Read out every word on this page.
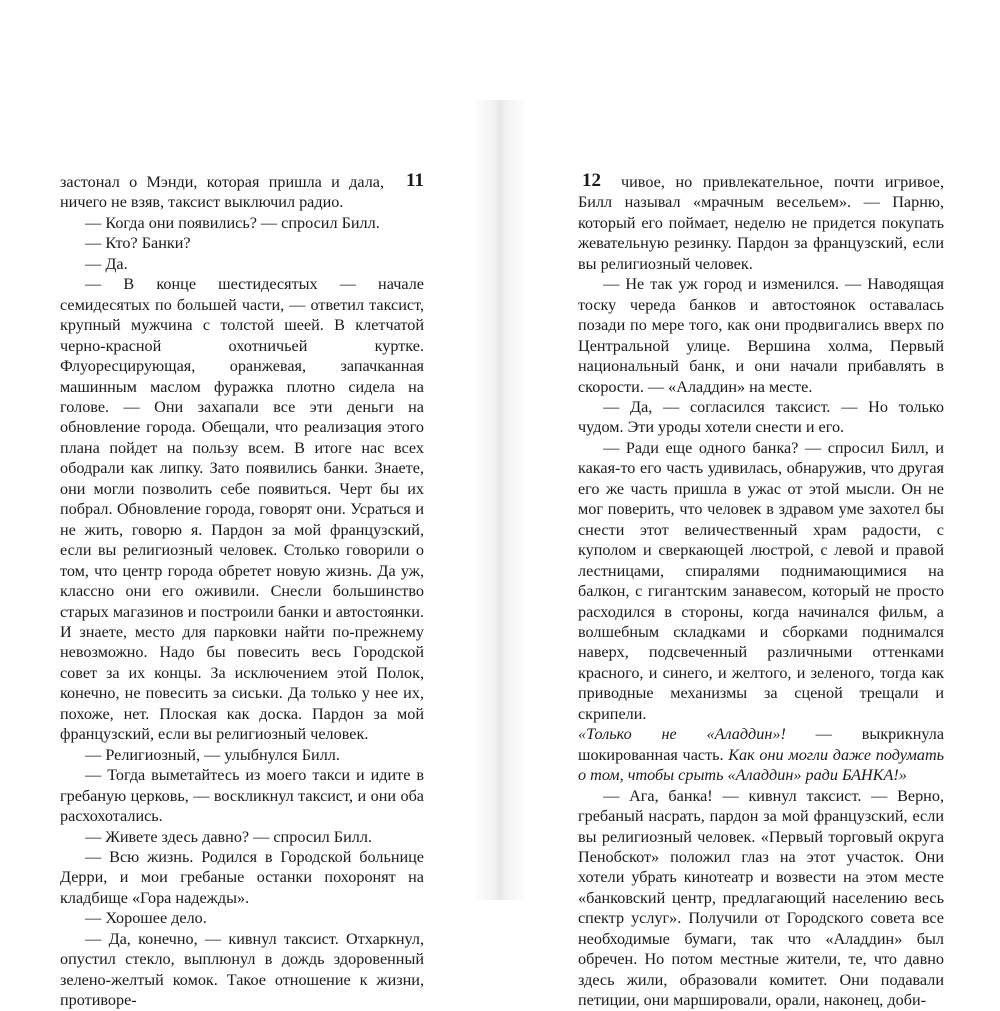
11
застонал о Мэнди, которая пришла и дала, ничего не взяв, таксист выключил радио.

— Когда они появились? — спросил Билл.

— Кто? Банки?

— Да.

— В конце шестидесятых — начале семидесятых по большей части, — ответил таксист, крупный мужчина с толстой шеей. В клетчатой черно-красной охотничьей куртке. Флуоресцирующая, оранжевая, запачканная машинным маслом фуражка плотно сидела на голове. — Они захапали все эти деньги на обновление города. Обещали, что реализация этого плана пойдет на пользу всем. В итоге нас всех ободрали как липку. Зато появились банки. Знаете, они могли позволить себе появиться. Черт бы их побрал. Обновление города, говорят они. Усраться и не жить, говорю я. Пардон за мой французский, если вы религиозный человек. Столько говорили о том, что центр города обретет новую жизнь. Да уж, классно они его оживили. Снесли большинство старых магазинов и построили банки и автостоянки. И знаете, место для парковки найти по-прежнему невозможно. Надо бы повесить весь Городской совет за их концы. За исключением этой Полок, конечно, не повесить за сиськи. Да только у нее их, похоже, нет. Плоская как доска. Пардон за мой французский, если вы религиозный человек.

— Религиозный, — улыбнулся Билл.

— Тогда выметайтесь из моего такси и идите в гребаную церковь, — воскликнул таксист, и они оба расхохотались.

— Живете здесь давно? — спросил Билл.

— Всю жизнь. Родился в Городской больнице Дерри, и мои гребаные останки похоронят на кладбище «Гора надежды».

— Хорошее дело.

— Да, конечно, — кивнул таксист. Отхаркнул, опустил стекло, выплюнул в дождь здоровенный зелено-желтый комок. Такое отношение к жизни, противоре-

12 чивое, но привлекательное, почти игривое, Билл называл «мрачным весельем». — Парню, который его поймает, неделю не придется покупать жевательную резинку. Пардон за французский, если вы религиозный человек.

— Не так уж город и изменился. — Наводящая тоску череда банков и автостоянок оставалась позади по мере того, как они продвигались вверх по Центральной улице. Вершина холма, Первый национальный банк, и они начали прибавлять в скорости. — «Аладдин» на месте.

— Да, — согласился таксист. — Но только чудом. Эти уроды хотели снести и его.

— Ради еще одного банка? — спросил Билл, и какая-то его часть удивилась, обнаружив, что другая его же часть пришла в ужас от этой мысли. Он не мог поверить, что человек в здравом уме захотел бы снести этот величественный храм радости, с куполом и сверкающей люстрой, с левой и правой лестницами, спиралями поднимающимися на балкон, с гигантским занавесом, который не просто расходился в стороны, когда начинался фильм, а волшебным складками и сборками поднимался наверх, подсвеченный различными оттенками красного, и синего, и желтого, и зеленого, тогда как приводные механизмы за сценой трещали и скрипели.

«Только не «Аладдин»! — выкрикнула шокированная часть. Как они могли даже подумать о том, чтобы срыть «Аладдин» ради БАНКА!»

— Ага, банка! — кивнул таксист. — Верно, гребаный насрать, пардон за мой французский, если вы религиозный человек. «Первый торговый округа Пенобскот» положил глаз на этот участок. Они хотели убрать кинотеатр и возвести на этом месте «банковский центр, предлагающий населению весь спектр услуг». Получили от Городского совета все необходимые бумаги, так что «Аладдин» был обречен. Но потом местные жители, те, что давно здесь жили, образовали комитет. Они подавали петиции, они маршировали, орали, наконец, доби-
